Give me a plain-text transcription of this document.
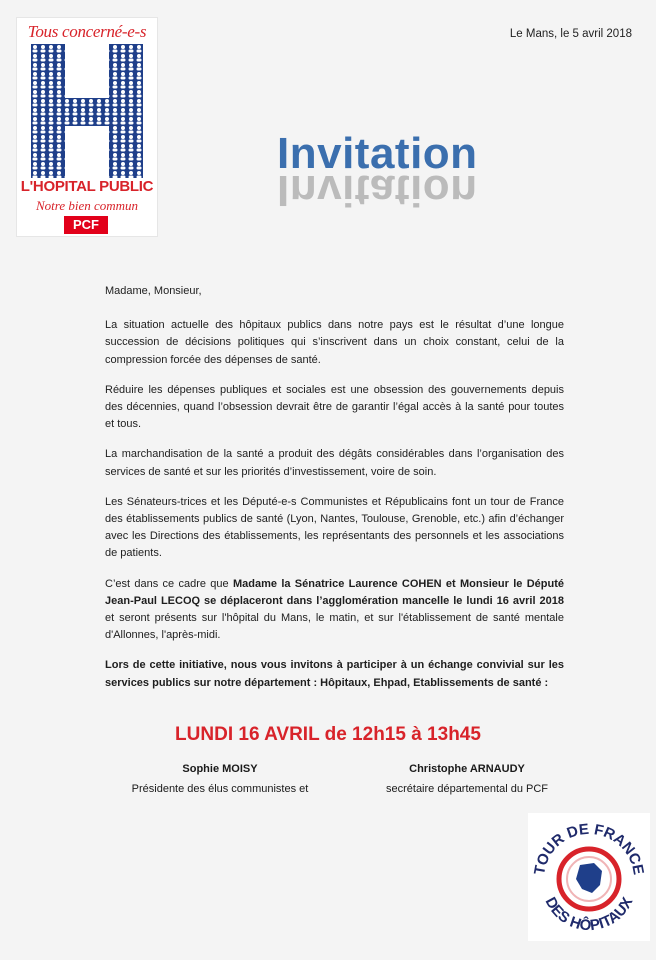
Tous concerné-e-s
L'HOPITAL PUBLIC
Notre bien commun
PCF
Le Mans, le 5 avril 2018
Invitation
Invitation

Madame, Monsieur,

La situation actuelle des hôpitaux publics dans notre pays est le résultat d’une longue succession de décisions politiques qui s’inscrivent dans un choix constant, celui de la compression forcée des dépenses de santé.

Réduire les dépenses publiques et sociales est une obsession des gouvernements depuis des décennies, quand l’obsession devrait être de garantir l’égal accès à la santé pour toutes et tous.

La marchandisation de la santé a produit des dégâts considérables dans l’organisation des services de santé et sur les priorités d’investissement, voire de soin.

Les Sénateurs-trices et les Député-e-s Communistes et Républicains font un tour de France des établissements publics de santé (Lyon, Nantes, Toulouse, Grenoble, etc.) afin d’échanger avec les Directions des établissements, les représentants des personnels et les associations de patients.

C’est dans ce cadre que Madame la Sénatrice Laurence COHEN et Monsieur le Député Jean-Paul LECOQ se déplaceront dans l’agglomération mancelle le lundi 16 avril 2018 et seront présents sur l'hôpital du Mans, le matin, et sur l'établissement de santé mentale d'Allonnes, l'après-midi.

Lors de cette initiative, nous vous invitons à participer à un échange convivial sur les services publics sur notre département : Hôpitaux, Ehpad, Etablissements de santé :

LUNDI 16 AVRIL de 12h15 à 13h45
Sophie MOISY
Présidente des élus communistes et
Christophe ARNAUDY
secrétaire départemental du PCF
TOUR DE FRANCE
DES HÔPITAUX
